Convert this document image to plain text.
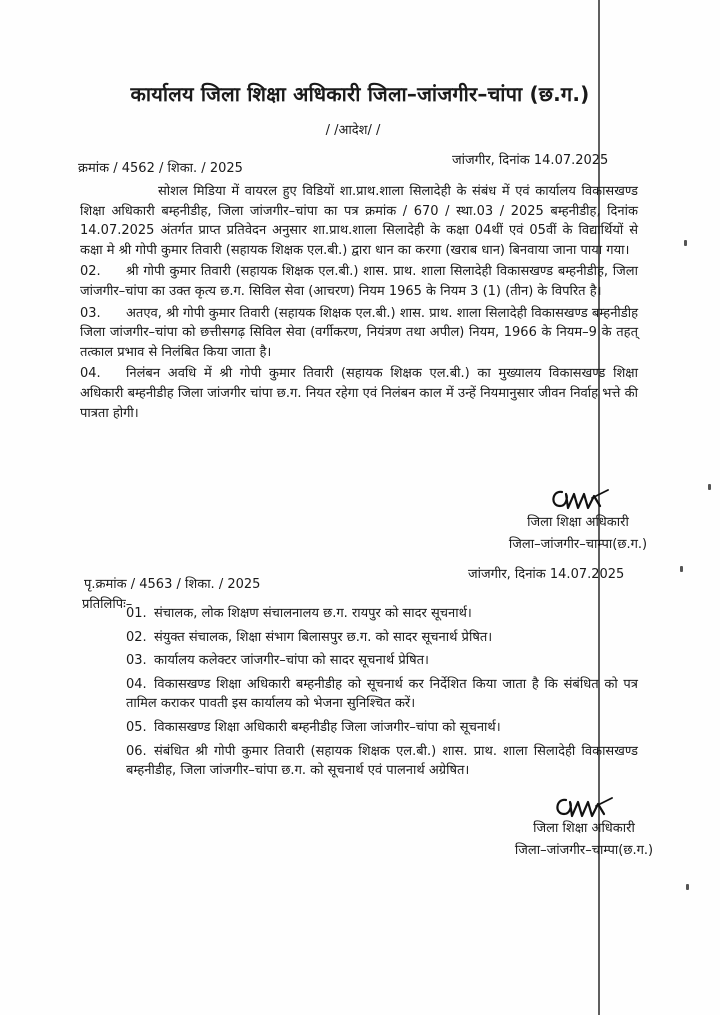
कार्यालय जिला शिक्षा अधिकारी जिला–जांजगीर–चांपा (छ.ग.)
/ /आदेश/ /
क्रमांक / 4562 / शिका. / 2025
जांजगीर, दिनांक 14.07.2025

सोशल मिडिया में वायरल हुए विडियों शा.प्राथ.शाला सिलादेही के संबंध में एवं कार्यालय विकासखण्ड शिक्षा अधिकारी बम्हनीडीह, जिला जांजगीर–चांपा का पत्र क्रमांक / 670 / स्था.03 / 2025 बम्हनीडीह, दिनांक 14.07.2025 अंतर्गत प्राप्त प्रतिवेदन अनुसार शा.प्राथ.शाला सिलादेही के कक्षा 04थीं एवं 05वीं के विद्यार्थियों से कक्षा मे श्री गोपी कुमार तिवारी (सहायक शिक्षक एल.बी.) द्वारा धान का करगा (खराब धान) बिनवाया जाना पाया गया।

02. श्री गोपी कुमार तिवारी (सहायक शिक्षक एल.बी.) शास. प्राथ. शाला सिलादेही विकासखण्ड बम्हनीडीह, जिला जांजगीर–चांपा का उक्त कृत्य छ.ग. सिविल सेवा (आचरण) नियम 1965 के नियम 3 (1) (तीन) के विपरित है।

03. अतएव, श्री गोपी कुमार तिवारी (सहायक शिक्षक एल.बी.) शास. प्राथ. शाला सिलादेही विकासखण्ड बम्हनीडीह जिला जांजगीर–चांपा को छत्तीसगढ़ सिविल सेवा (वर्गीकरण, नियंत्रण तथा अपील) नियम, 1966 के नियम–9 के तहत् तत्काल प्रभाव से निलंबित किया जाता है।

04. निलंबन अवधि में श्री गोपी कुमार तिवारी (सहायक शिक्षक एल.बी.) का मुख्यालय विकासखण्ड शिक्षा अधिकारी बम्हनीडीह जिला जांजगीर चांपा छ.ग. नियत रहेगा एवं निलंबन काल में उन्हें नियमानुसार जीवन निर्वाह भत्ते की पात्रता होगी।

जिला शिक्षा अधिकारी
जिला–जांजगीर–चाम्पा(छ.ग.)
पृ.क्रमांक / 4563 / शिका. / 2025
जांजगीर, दिनांक 14.07.2025
प्रतिलिपिः–
01. संचालक, लोक शिक्षण संचालनालय छ.ग. रायपुर को सादर सूचनार्थ।
02. संयुक्त संचालक, शिक्षा संभाग बिलासपुर छ.ग. को सादर सूचनार्थ प्रेषित।
03. कार्यालय कलेक्टर जांजगीर–चांपा को सादर सूचनार्थ प्रेषित।
04. विकासखण्ड शिक्षा अधिकारी बम्हनीडीह को सूचनार्थ कर निर्देशित किया जाता है कि संबंधित को पत्र तामिल कराकर पावती इस कार्यालय को भेजना सुनिश्चित करें।
05. विकासखण्ड शिक्षा अधिकारी बम्हनीडीह जिला जांजगीर–चांपा को सूचनार्थ।
06. संबंधित श्री गोपी कुमार तिवारी (सहायक शिक्षक एल.बी.) शास. प्राथ. शाला सिलादेही विकासखण्ड बम्हनीडीह, जिला जांजगीर–चांपा छ.ग. को सूचनार्थ एवं पालनार्थ अग्रेषित।
जिला शिक्षा अधिकारी
जिला–जांजगीर–चाम्पा(छ.ग.)
